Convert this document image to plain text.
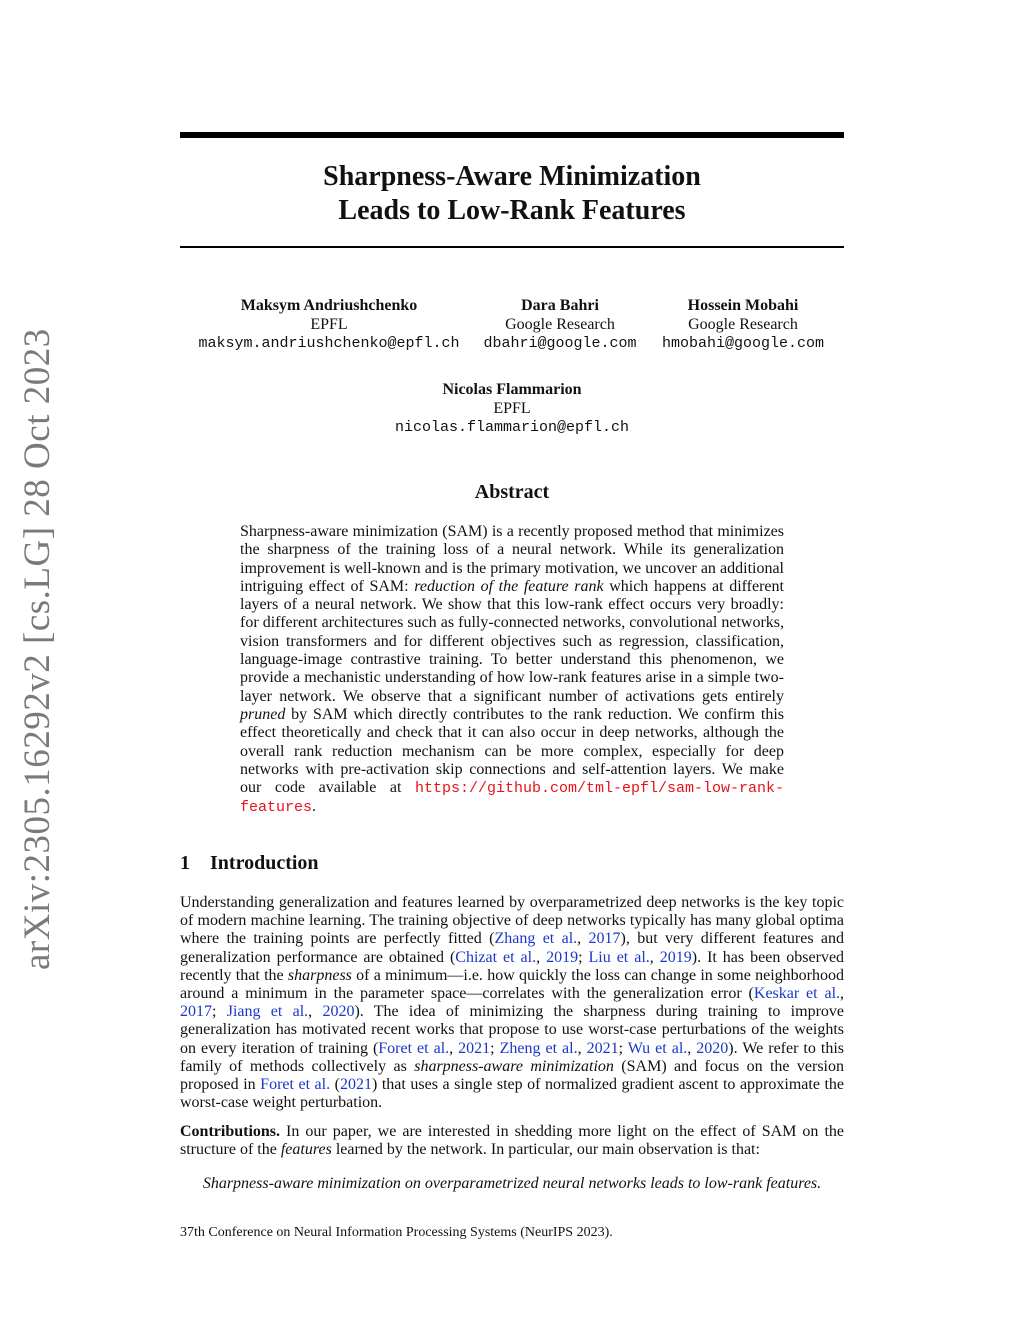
arXiv:2305.16292v2 [cs.LG] 28 Oct 2023
Sharpness-Aware Minimization
Leads to Low-Rank Features
Maksym Andriushchenko
EPFL
maksym.andriushchenko@epfl.ch
Dara Bahri
Google Research
dbahri@google.com
Hossein Mobahi
Google Research
hmobahi@google.com
Nicolas Flammarion
EPFL
nicolas.flammarion@epfl.ch
Abstract
Sharpness-aware minimization (SAM) is a recently proposed method that minimizes the sharpness of the training loss of a neural network. While its generalization improvement is well-known and is the primary motivation, we uncover an additional intriguing effect of SAM: reduction of the feature rank which happens at different layers of a neural network. We show that this low-rank effect occurs very broadly: for different architectures such as fully-connected networks, convolutional networks, vision transformers and for different objectives such as regression, classification, language-image contrastive training. To better understand this phenomenon, we provide a mechanistic understanding of how low-rank features arise in a simple two-layer network. We observe that a significant number of activations gets entirely pruned by SAM which directly contributes to the rank reduction. We confirm this effect theoretically and check that it can also occur in deep networks, although the overall rank reduction mechanism can be more complex, especially for deep networks with pre-activation skip connections and self-attention layers. We make our code available at https://github.com/tml-epfl/sam-low-rank-features.
1 Introduction
Understanding generalization and features learned by overparametrized deep networks is the key topic of modern machine learning. The training objective of deep networks typically has many global optima where the training points are perfectly fitted (Zhang et al., 2017), but very different features and generalization performance are obtained (Chizat et al., 2019; Liu et al., 2019). It has been observed recently that the sharpness of a minimum—i.e. how quickly the loss can change in some neighborhood around a minimum in the parameter space—correlates with the generalization error (Keskar et al., 2017; Jiang et al., 2020). The idea of minimizing the sharpness during training to improve generalization has motivated recent works that propose to use worst-case perturbations of the weights on every iteration of training (Foret et al., 2021; Zheng et al., 2021; Wu et al., 2020). We refer to this family of methods collectively as sharpness-aware minimization (SAM) and focus on the version proposed in Foret et al. (2021) that uses a single step of normalized gradient ascent to approximate the worst-case weight perturbation.
Contributions. In our paper, we are interested in shedding more light on the effect of SAM on the structure of the features learned by the network. In particular, our main observation is that:
Sharpness-aware minimization on overparametrized neural networks leads to low-rank features.
37th Conference on Neural Information Processing Systems (NeurIPS 2023).
